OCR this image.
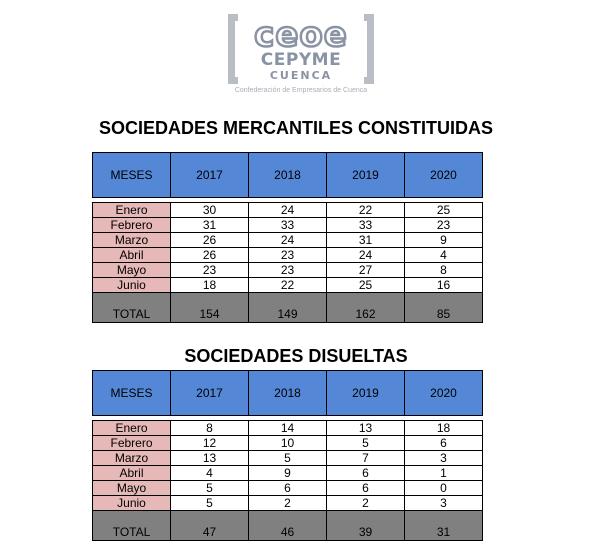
ceoe
CEPYME
CUENCA
Confederación de Empresarios de Cuenca
SOCIEDADES MERCANTILES CONSTITUIDAS
MESES	2017	2018	2019	2020

Enero	30	24	22	25
Febrero	31	33	33	23
Marzo	26	24	31	9
Abril	26	23	24	4
Mayo	23	23	27	8
Junio	18	22	25	16
TOTAL	154	149	162	85
SOCIEDADES DISUELTAS
MESES	2017	2018	2019	2020

Enero	8	14	13	18
Febrero	12	10	5	6
Marzo	13	5	7	3
Abril	4	9	6	1
Mayo	5	6	6	0
Junio	5	2	2	3
TOTAL	47	46	39	31
